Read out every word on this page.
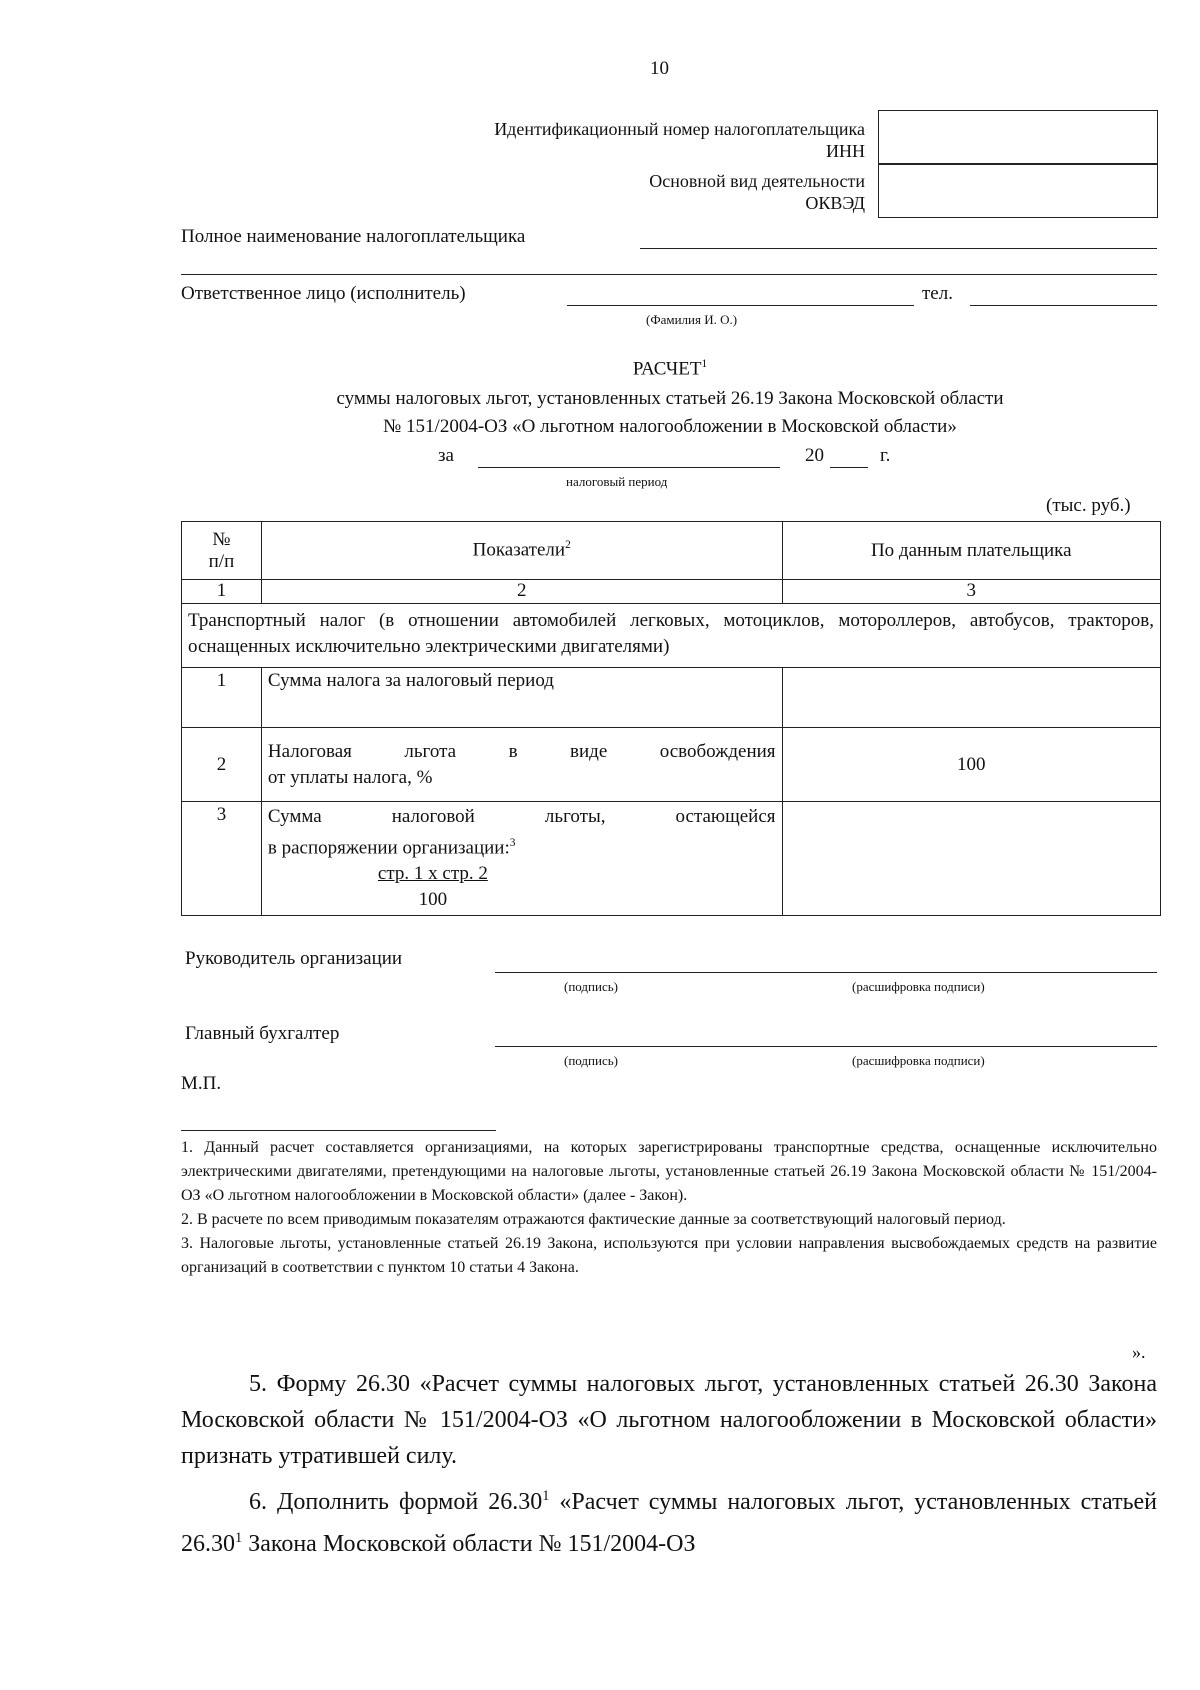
10
Идентификационный номер налогоплательщика
ИНН
Основной вид деятельности
ОКВЭД
Полное наименование налогоплательщика
Ответственное лицо (исполнитель)	тел.
(Фамилия И. О.)
РАСЧЕТ$^1$
суммы налоговых льгот, установленных статьей 26.19 Закона Московской области
№ 151/2004-ОЗ «О льготном налогообложении в Московской области»
за	20	г.
налоговый период
(тыс. руб.)
№
п/п	Показатели$^2$	По данным плательщика
1	2	3
Транспортный налог (в отношении автомобилей легковых, мотоциклов, мотороллеров, автобусов, тракторов, оснащенных исключительно электрическими двигателями)		
1	Сумма налога за налоговый период	
2	Налоговая льгота в виде освобождения
от уплаты налога, %	100
3	Сумма налоговой льготы, остающейся
в распоряжении организации:$^3$
стр. 1 х стр. 2
100	

Руководитель организации
(подпись)	(расшифровка подписи)
Главный бухгалтер
(подпись)	(расшифровка подписи)
М.П.

1. Данный расчет составляется организациями, на которых зарегистрированы транспортные средства, оснащенные исключительно электрическими двигателями, претендующими на налоговые льготы, установленные статьей 26.19 Закона Московской области № 151/2004-ОЗ «О льготном налогообложении в Московской области» (далее - Закон).

2. В расчете по всем приводимым показателям отражаются фактические данные за соответствующий налоговый период.

3. Налоговые льготы, установленные статьей 26.19 Закона, используются при условии направления высвобождаемых средств на развитие организаций в соответствии с пунктом 10 статьи 4 Закона.

».
5. Форму 26.30 «Расчет суммы налоговых льгот, установленных статьей 26.30 Закона Московской области № 151/2004-ОЗ «О льготном налогообложении в Московской области» признать утратившей силу.
6. Дополнить формой 26.30$^1$ «Расчет суммы налоговых льгот, установленных статьей 26.30$^1$ Закона Московской области № 151/2004-ОЗ
